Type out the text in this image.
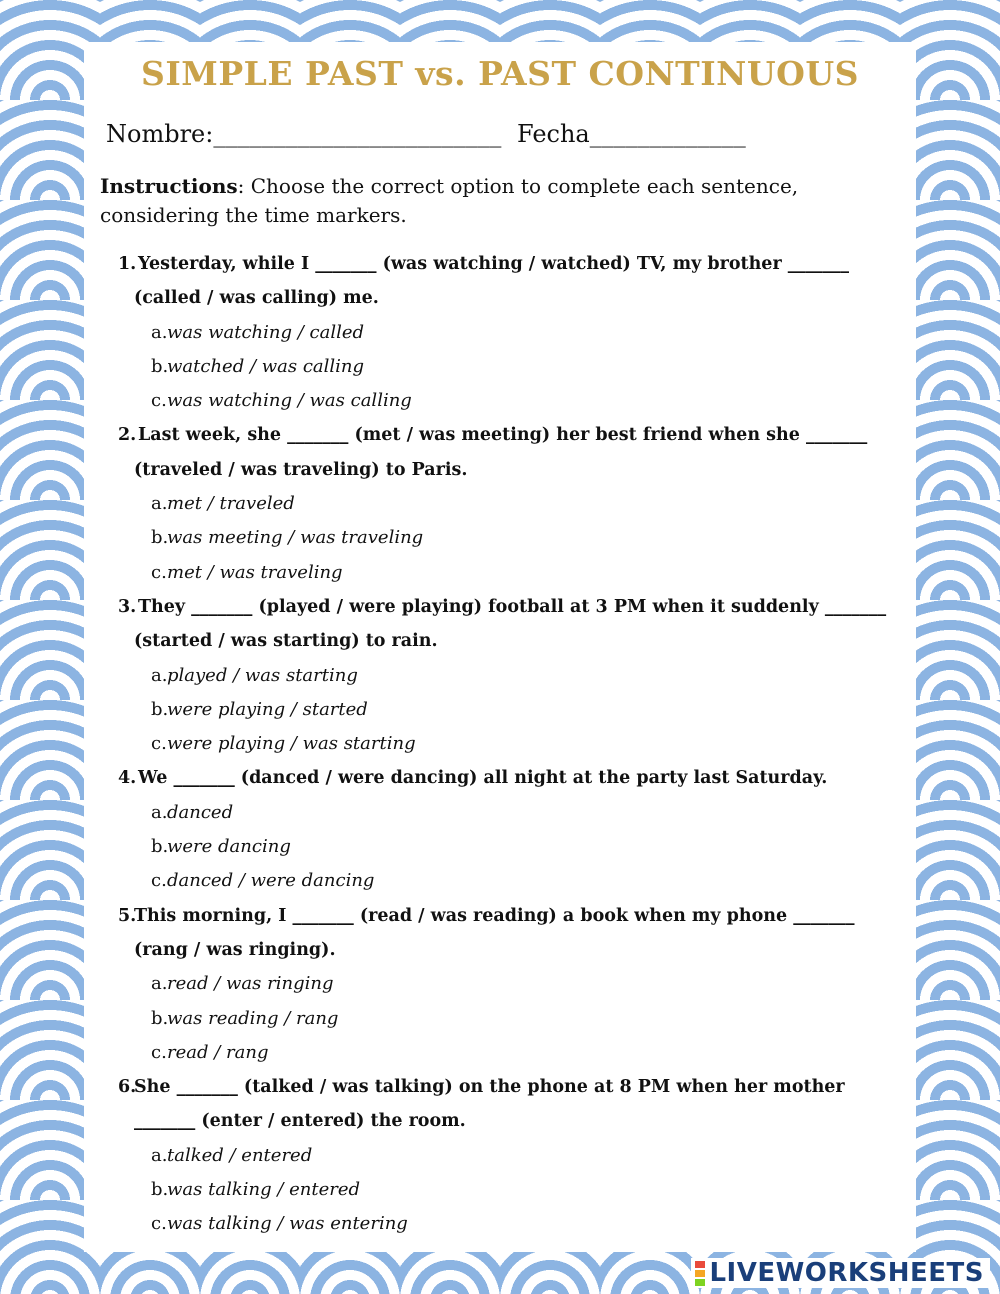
SIMPLE PAST vs. PAST CONTINUOUS
Nombre:________________________ Fecha_____________
Instructions: Choose the correct option to complete each sentence, considering the time markers.
1. Yesterday, while I _______ (was watching / watched) TV, my brother _______
(called / was calling) me.
a. was watching / called
b.
watched / was calling
c. was watching / was calling
2. Last week, she _______ (met / was meeting) her best friend when she _______
(traveled / was traveling) to Paris.
a. met / traveled
b.
was meeting / was traveling
c. met / was traveling
3. They _______ (played / were playing) football at 3 PM when it suddenly _______
(started / was starting) to rain.
a. played / was starting
b.
were playing / started
c. were playing / was starting
4. We _______ (danced / were dancing) all night at the party last Saturday.
a. danced
b.
were dancing
c. danced / were dancing
5.
This morning, I _______ (read / was reading) a book when my phone _______
(rang / was ringing).
a. read / was ringing
b.
was reading / rang
c. read / rang
6.
She _______ (talked / was talking) on the phone at 8 PM when her mother
_______ (enter / entered) the room.
a. talked / entered
b.
was talking / entered
c. was talking / was entering
LIVEWORKSHEETS
